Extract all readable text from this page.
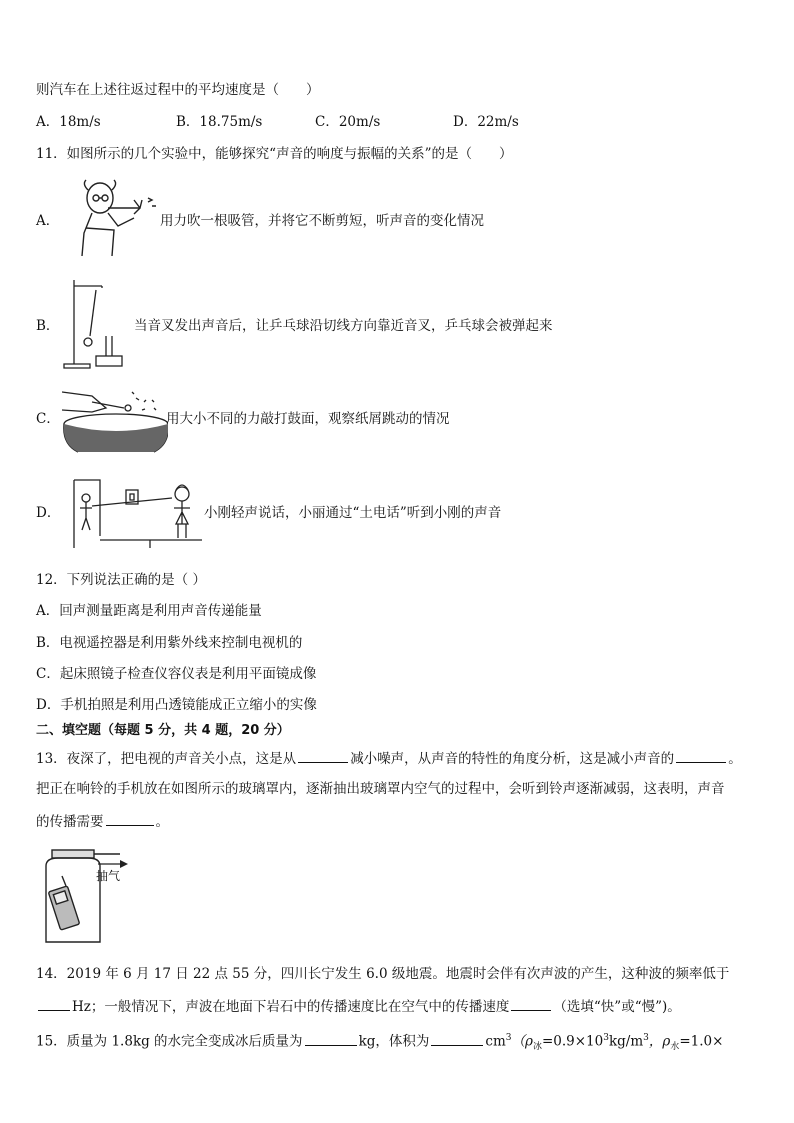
则汽车在上述往返过程中的平均速度是（　　）
A．18m/s	B．18.75m/s	C．20m/s	D．22m/s
11．如图所示的几个实验中，能够探究“声音的响度与振幅的关系”的是（　　）
A．	用力吹一根吸管，并将它不断剪短，听声音的变化情况
B．	当音叉发出声音后，让乒乓球沿切线方向靠近音叉，乒乓球会被弹起来
C．	用大小不同的力敲打鼓面，观察纸屑跳动的情况
D．	小刚轻声说话，小丽通过“土电话”听到小刚的声音
12．下列说法正确的是（ ）
A．回声测量距离是利用声音传递能量
B．电视遥控器是利用紫外线来控制电视机的
C．起床照镜子检查仪容仪表是利用平面镜成像
D．手机拍照是利用凸透镜能成正立缩小的实像
二、填空题（每题 5 分，共 4 题，20 分）
13．夜深了，把电视的声音关小点，这是从	减小噪声，从声音的特性的角度分析，这是减小声音的	。
把正在响铃的手机放在如图所示的玻璃罩内，逐渐抽出玻璃罩内空气的过程中，会听到铃声逐渐减弱，这表明，声音
的传播需要	。
抽气
14．2019 年 6 月 17 日 22 点 55 分，四川长宁发生 6.0 级地震。地震时会伴有次声波的产生，这种波的频率低于
Hz；一般情况下，声波在地面下岩石中的传播速度比在空气中的传播速度	（选填“快”或“慢”)。
15．质量为 1.8kg 的水完全变成冰后质量为	kg，体积为	$cm^3(\rho_冰=0.9\times 10^3kg/m^3$，$\rho_水=1.0\times$
